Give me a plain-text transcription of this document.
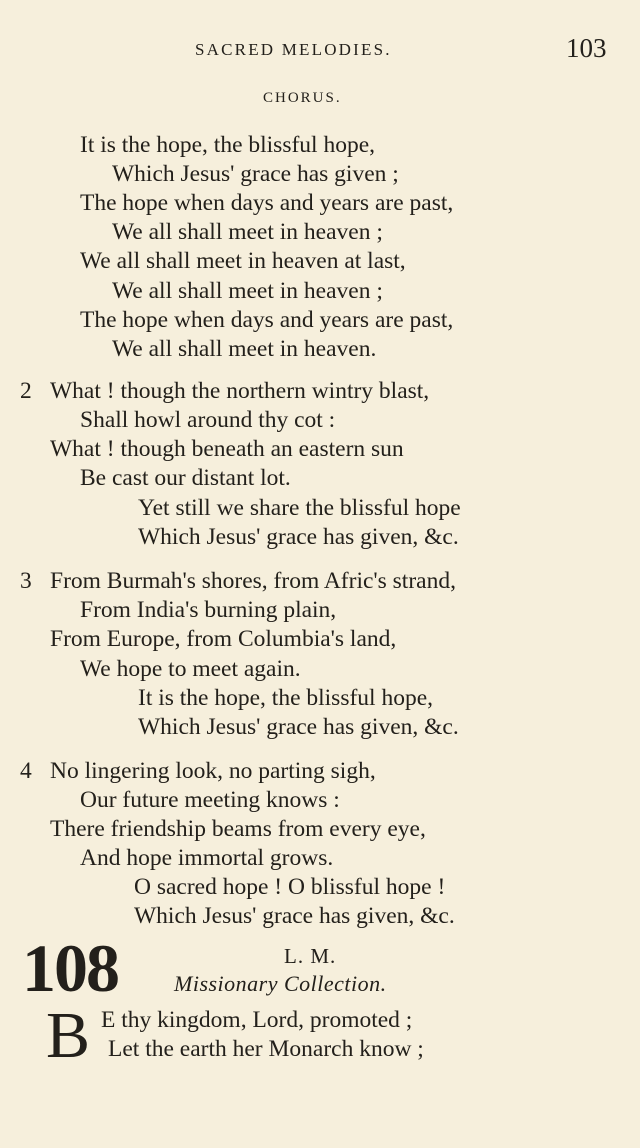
SACRED MELODIES.	103
CHORUS.
It is the hope, the blissful hope,
Which Jesus' grace has given ;
The hope when days and years are past,
We all shall meet in heaven ;
We all shall meet in heaven at last,
We all shall meet in heaven ;
The hope when days and years are past,
We all shall meet in heaven.
2 What ! though the northern wintry blast,
Shall howl around thy cot :
What ! though beneath an eastern sun
Be cast our distant lot.
Yet still we share the blissful hope
Which Jesus' grace has given, &c.
3 From Burmah's shores, from Afric's strand,
From India's burning plain,
From Europe, from Columbia's land,
We hope to meet again.
It is the hope, the blissful hope,
Which Jesus' grace has given, &c.
4 No lingering look, no parting sigh,
Our future meeting knows :
There friendship beams from every eye,
And hope immortal grows.
O sacred hope ! O blissful hope !
Which Jesus' grace has given, &c.
108	L. M.
Missionary Collection.
B E thy kingdom, Lord, promoted ;
Let the earth her Monarch know ;
